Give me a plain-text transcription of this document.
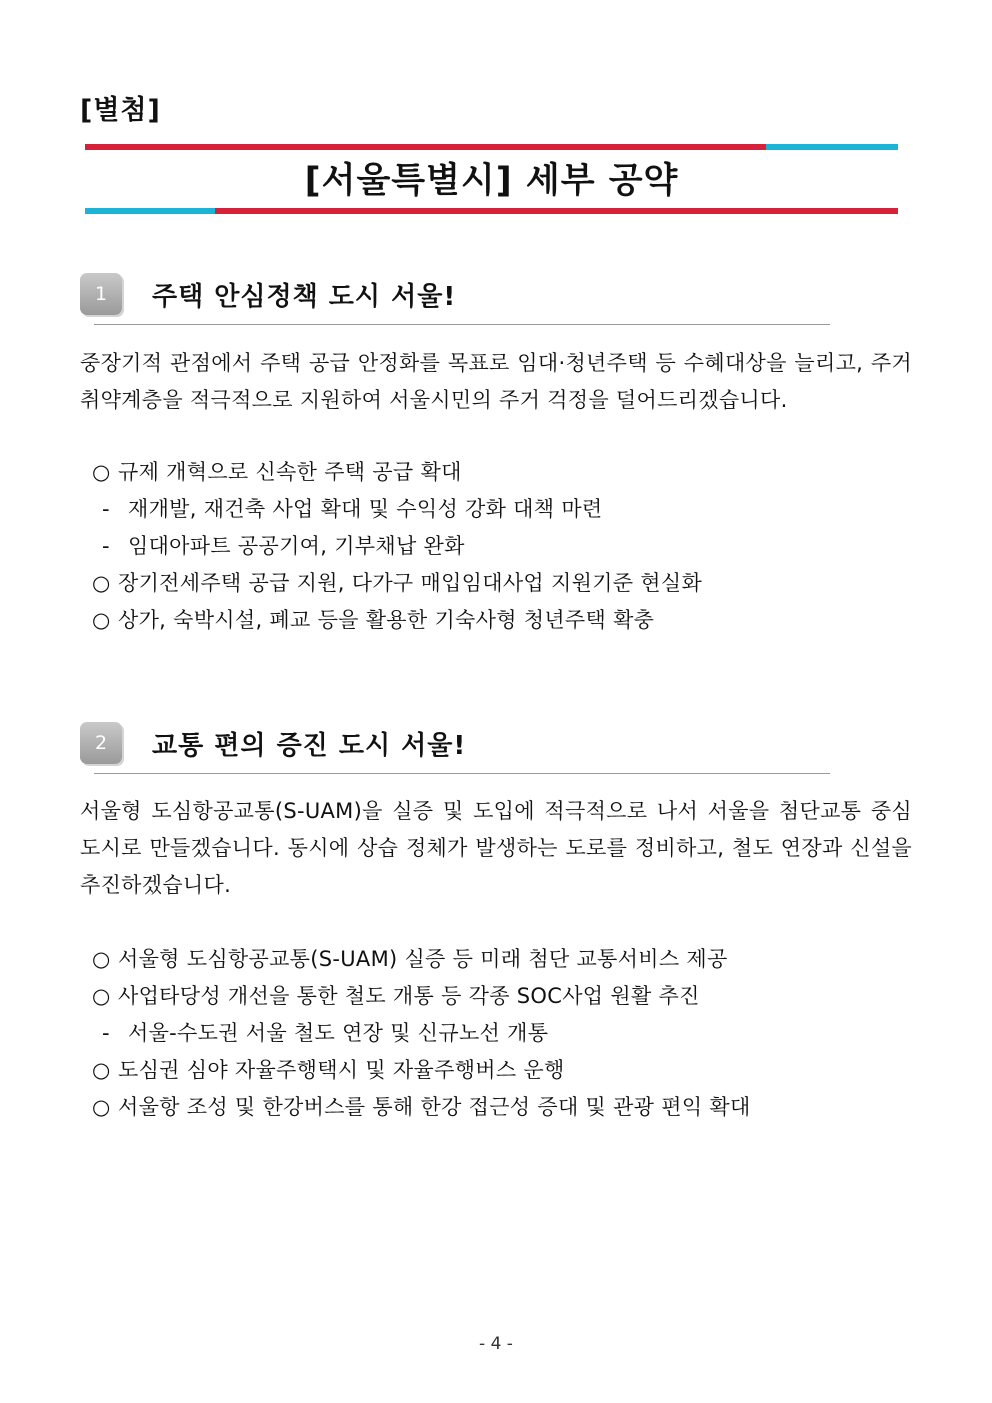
[별첨]
[서울특별시] 세부 공약
1	주택 안심정책 도시 서울!
중장기적 관점에서 주택 공급 안정화를 목표로 임대·청년주택 등 수혜대상을 늘리고, 주거 취약계층을 적극적으로 지원하여 서울시민의 주거 걱정을 덜어드리겠습니다.
○ 규제 개혁으로 신속한 주택 공급 확대
- 재개발, 재건축 사업 확대 및 수익성 강화 대책 마련
- 임대아파트 공공기여, 기부채납 완화
○ 장기전세주택 공급 지원, 다가구 매입임대사업 지원기준 현실화
○ 상가, 숙박시설, 폐교 등을 활용한 기숙사형 청년주택 확충
2	교통 편의 증진 도시 서울!
서울형 도심항공교통(S-UAM)을 실증 및 도입에 적극적으로 나서 서울을 첨단교통 중심 도시로 만들겠습니다. 동시에 상습 정체가 발생하는 도로를 정비하고, 철도 연장과 신설을 추진하겠습니다.
○ 서울형 도심항공교통(S-UAM) 실증 등 미래 첨단 교통서비스 제공
○ 사업타당성 개선을 통한 철도 개통 등 각종 SOC사업 원활 추진
- 서울-수도권 서울 철도 연장 및 신규노선 개통
○ 도심권 심야 자율주행택시 및 자율주행버스 운행
○ 서울항 조성 및 한강버스를 통해 한강 접근성 증대 및 관광 편익 확대
- 4 -
